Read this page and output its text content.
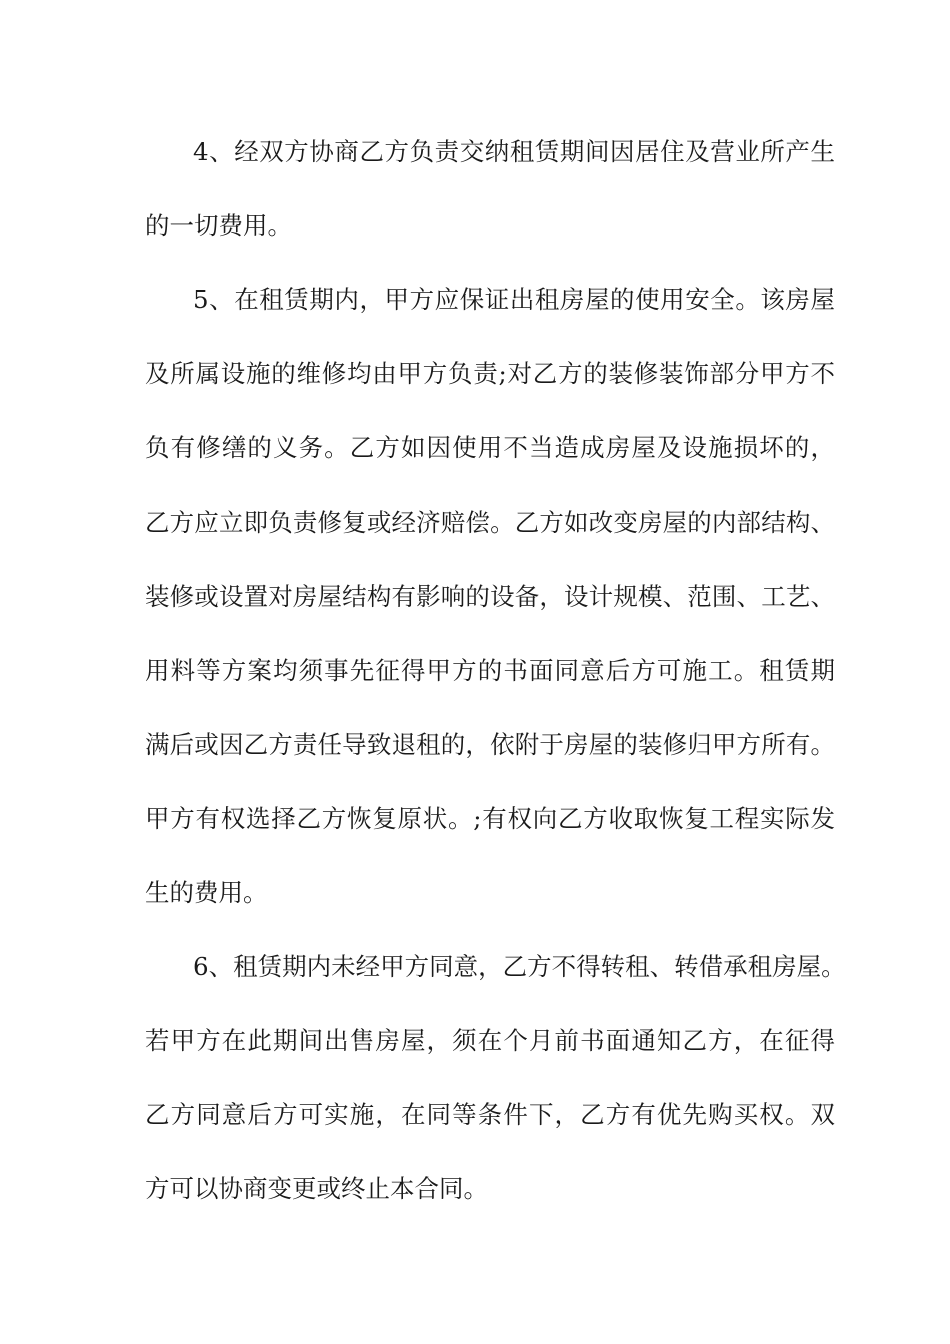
4、经双方协商乙方负责交纳租赁期间因居住及营业所产生
的一切费用。
5、在租赁期内，甲方应保证出租房屋的使用安全。该房屋
及所属设施的维修均由甲方负责;对乙方的装修装饰部分甲方不
负有修缮的义务。乙方如因使用不当造成房屋及设施损坏的，
乙方应立即负责修复或经济赔偿。乙方如改变房屋的内部结构、
装修或设置对房屋结构有影响的设备，设计规模、范围、工艺、
用料等方案均须事先征得甲方的书面同意后方可施工。租赁期
满后或因乙方责任导致退租的，依附于房屋的装修归甲方所有。
甲方有权选择乙方恢复原状。;有权向乙方收取恢复工程实际发
生的费用。
6、租赁期内未经甲方同意，乙方不得转租、转借承租房屋。
若甲方在此期间出售房屋，须在个月前书面通知乙方，在征得
乙方同意后方可实施，在同等条件下，乙方有优先购买权。双
方可以协商变更或终止本合同。
